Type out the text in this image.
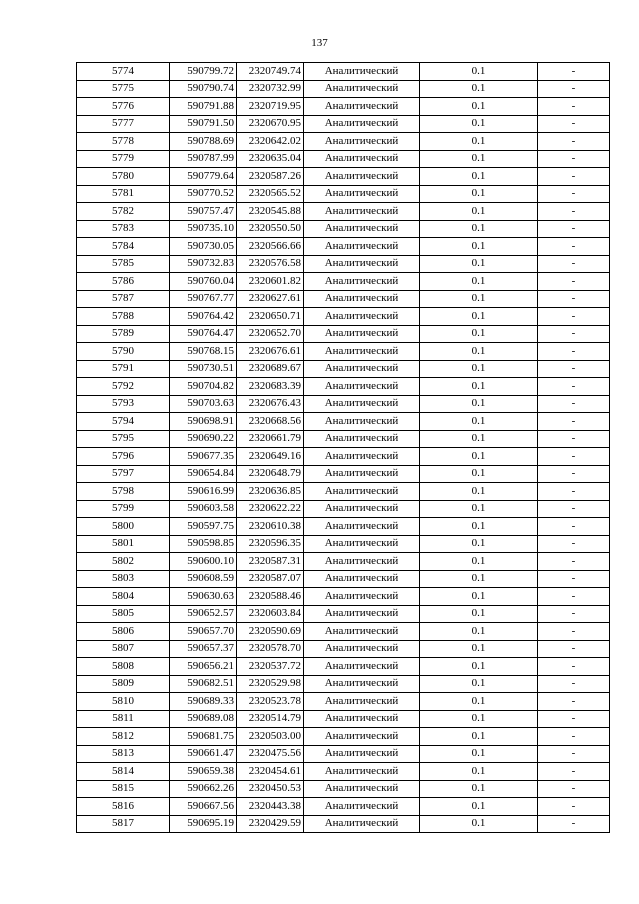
137
5774	590799.72	2320749.74	Аналитический	0.1	-
5775	590790.74	2320732.99	Аналитический	0.1	-
5776	590791.88	2320719.95	Аналитический	0.1	-
5777	590791.50	2320670.95	Аналитический	0.1	-
5778	590788.69	2320642.02	Аналитический	0.1	-
5779	590787.99	2320635.04	Аналитический	0.1	-
5780	590779.64	2320587.26	Аналитический	0.1	-
5781	590770.52	2320565.52	Аналитический	0.1	-
5782	590757.47	2320545.88	Аналитический	0.1	-
5783	590735.10	2320550.50	Аналитический	0.1	-
5784	590730.05	2320566.66	Аналитический	0.1	-
5785	590732.83	2320576.58	Аналитический	0.1	-
5786	590760.04	2320601.82	Аналитический	0.1	-
5787	590767.77	2320627.61	Аналитический	0.1	-
5788	590764.42	2320650.71	Аналитический	0.1	-
5789	590764.47	2320652.70	Аналитический	0.1	-
5790	590768.15	2320676.61	Аналитический	0.1	-
5791	590730.51	2320689.67	Аналитический	0.1	-
5792	590704.82	2320683.39	Аналитический	0.1	-
5793	590703.63	2320676.43	Аналитический	0.1	-
5794	590698.91	2320668.56	Аналитический	0.1	-
5795	590690.22	2320661.79	Аналитический	0.1	-
5796	590677.35	2320649.16	Аналитический	0.1	-
5797	590654.84	2320648.79	Аналитический	0.1	-
5798	590616.99	2320636.85	Аналитический	0.1	-
5799	590603.58	2320622.22	Аналитический	0.1	-
5800	590597.75	2320610.38	Аналитический	0.1	-
5801	590598.85	2320596.35	Аналитический	0.1	-
5802	590600.10	2320587.31	Аналитический	0.1	-
5803	590608.59	2320587.07	Аналитический	0.1	-
5804	590630.63	2320588.46	Аналитический	0.1	-
5805	590652.57	2320603.84	Аналитический	0.1	-
5806	590657.70	2320590.69	Аналитический	0.1	-
5807	590657.37	2320578.70	Аналитический	0.1	-
5808	590656.21	2320537.72	Аналитический	0.1	-
5809	590682.51	2320529.98	Аналитический	0.1	-
5810	590689.33	2320523.78	Аналитический	0.1	-
5811	590689.08	2320514.79	Аналитический	0.1	-
5812	590681.75	2320503.00	Аналитический	0.1	-
5813	590661.47	2320475.56	Аналитический	0.1	-
5814	590659.38	2320454.61	Аналитический	0.1	-
5815	590662.26	2320450.53	Аналитический	0.1	-
5816	590667.56	2320443.38	Аналитический	0.1	-
5817	590695.19	2320429.59	Аналитический	0.1	-
